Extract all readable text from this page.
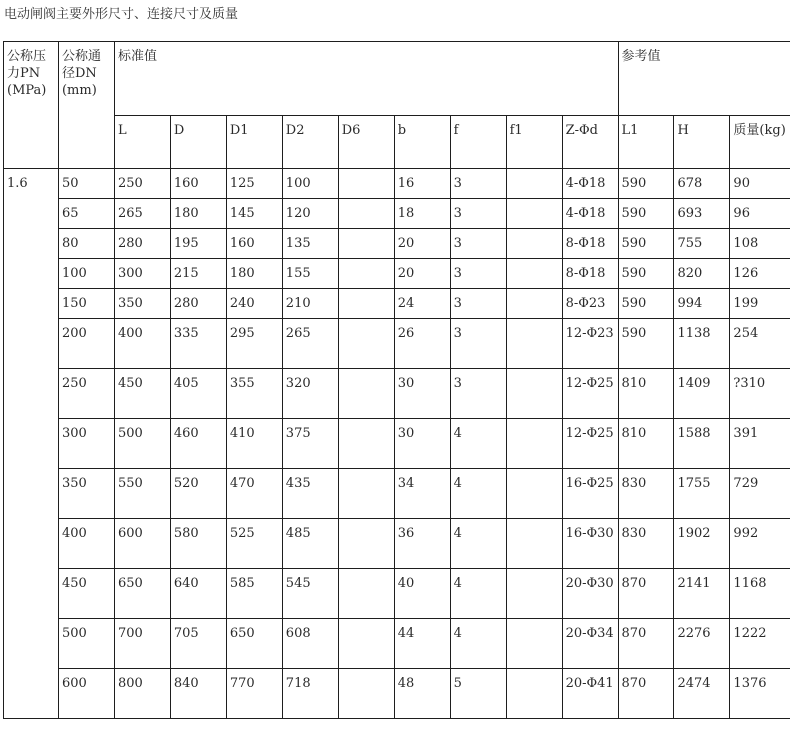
电动闸阀主要外形尺寸、连接尺寸及质量
公称压力PN(MPa)	公称通径DN(mm)	标准值									参考值		
		L	D	D1	D2	D6	b	f	f1	Z-Φd	L1	H	质量(kg)
1.6	50	250	160	125	100		16	3		4-Φ18	590	678	90
	65	265	180	145	120		18	3		4-Φ18	590	693	96
	80	280	195	160	135		20	3		8-Φ18	590	755	108
	100	300	215	180	155		20	3		8-Φ18	590	820	126
	150	350	280	240	210		24	3		8-Φ23	590	994	199
	200	400	335	295	265		26	3		12-Φ23	590	1138	254
	250	450	405	355	320		30	3		12-Φ25	810	1409	?310
	300	500	460	410	375		30	4		12-Φ25	810	1588	391
	350	550	520	470	435		34	4		16-Φ25	830	1755	729
	400	600	580	525	485		36	4		16-Φ30	830	1902	992
	450	650	640	585	545		40	4		20-Φ30	870	2141	1168
	500	700	705	650	608		44	4		20-Φ34	870	2276	1222
	600	800	840	770	718		48	5		20-Φ41	870	2474	1376
